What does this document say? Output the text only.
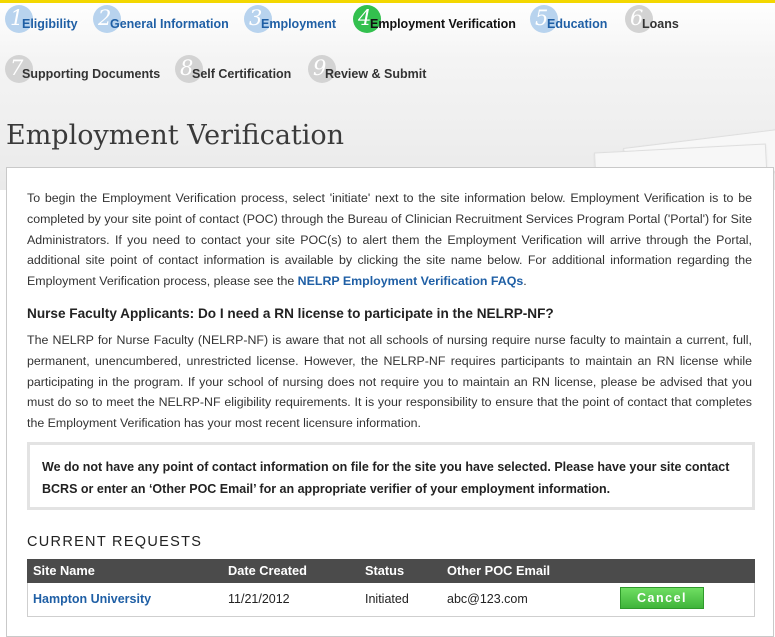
1
Eligibility 2
General Information 3
Employment 4
Employment Verification 5
Education 6
Loans
7
Supporting Documents 8
Self Certification 9
Review & Submit
Employment Verification

To begin the Employment Verification process, select 'initiate' next to the site information below. Employment Verification is to be completed by your site point of contact (POC) through the Bureau of Clinician Recruitment Services Program Portal ('Portal') for Site Administrators. If you need to contact your site POC(s) to alert them the Employment Verification will arrive through the Portal, additional site point of contact information is available by clicking the site name below. For additional information regarding the Employment Verification process, please see the NELRP Employment Verification FAQs.

Nurse Faculty Applicants: Do I need a RN license to participate in the NELRP-NF?

The NELRP for Nurse Faculty (NELRP-NF) is aware that not all schools of nursing require nurse faculty to maintain a current, full, permanent, unencumbered, unrestricted license. However, the NELRP-NF requires participants to maintain an RN license while participating in the program. If your school of nursing does not require you to maintain an RN license, please be advised that you must do so to meet the NELRP-NF eligibility requirements. It is your responsibility to ensure that the point of contact that completes the Employment Verification has your most recent licensure information.

We do not have any point of contact information on file for the site you have selected. Please have your site contact BCRS or enter an ‘Other POC Email’ for an appropriate verifier of your employment information.

CURRENT REQUESTS

Site Name	Date Created	Status	Other POC Email
Hampton University	11/21/2012	Initiated	abc@123.com	Cancel
